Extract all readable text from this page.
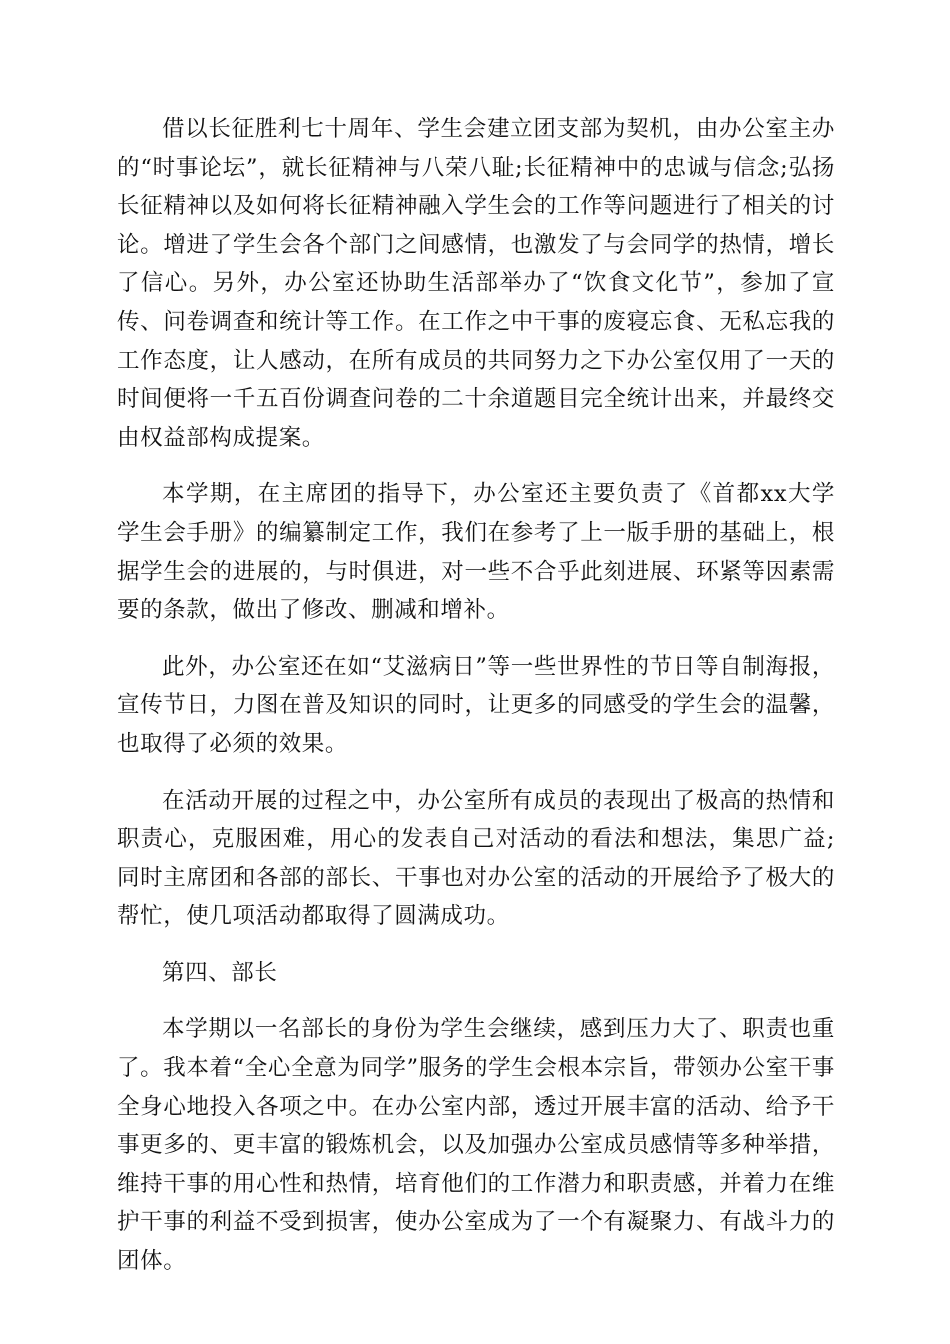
借以长征胜利七十周年、学生会建立团支部为契机，由办公室主办的“时事论坛”，就长征精神与八荣八耻;长征精神中的忠诚与信念;弘扬长征精神以及如何将长征精神融入学生会的工作等问题进行了相关的讨论。增进了学生会各个部门之间感情，也激发了与会同学的热情，增长了信心。另外，办公室还协助生活部举办了“饮食文化节”，参加了宣传、问卷调查和统计等工作。在工作之中干事的废寝忘食、无私忘我的工作态度，让人感动，在所有成员的共同努力之下办公室仅用了一天的时间便将一千五百份调查问卷的二十余道题目完全统计出来，并最终交由权益部构成提案。

本学期，在主席团的指导下，办公室还主要负责了《首都xx大学学生会手册》的编纂制定工作，我们在参考了上一版手册的基础上，根据学生会的进展的，与时俱进，对一些不合乎此刻进展、环紧等因素需要的条款，做出了修改、删减和增补。

此外，办公室还在如“艾滋病日”等一些世界性的节日等自制海报，宣传节日，力图在普及知识的同时，让更多的同感受的学生会的温馨，也取得了必须的效果。

在活动开展的过程之中，办公室所有成员的表现出了极高的热情和职责心，克服困难，用心的发表自己对活动的看法和想法，集思广益;同时主席团和各部的部长、干事也对办公室的活动的开展给予了极大的帮忙，使几项活动都取得了圆满成功。

第四、部长

本学期以一名部长的身份为学生会继续，感到压力大了、职责也重了。我本着“全心全意为同学”服务的学生会根本宗旨，带领办公室干事全身心地投入各项之中。在办公室内部，透过开展丰富的活动、给予干事更多的、更丰富的锻炼机会，以及加强办公室成员感情等多种举措，维持干事的用心性和热情，培育他们的工作潜力和职责感，并着力在维护干事的利益不受到损害，使办公室成为了一个有凝聚力、有战斗力的团体。
